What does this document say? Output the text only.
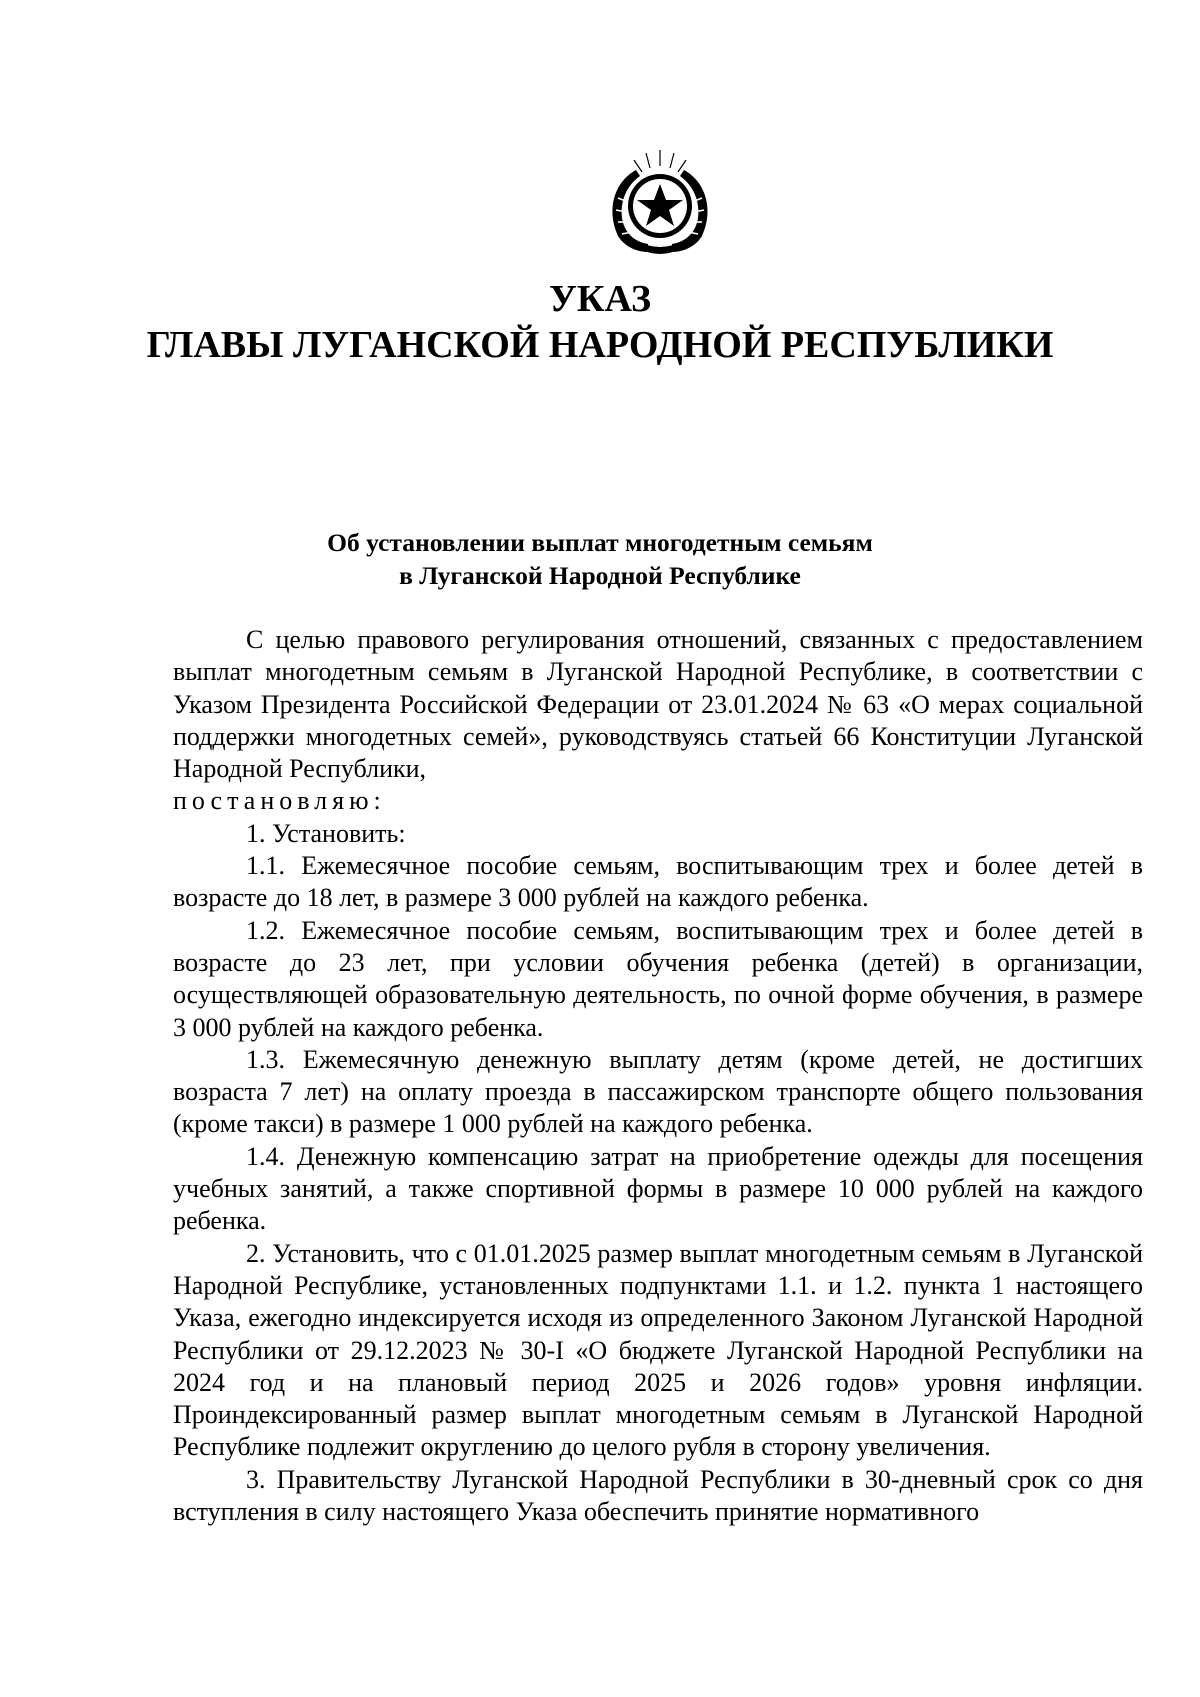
УКАЗ
ГЛАВЫ ЛУГАНСКОЙ НАРОДНОЙ РЕСПУБЛИКИ
Об установлении выплат многодетным семьям
в Луганской Народной Республике

С целью правового регулирования отношений, связанных с предоставлением выплат многодетным семьям в Луганской Народной Республике, в соответствии с Указом Президента Российской Федерации от 23.01.2024 № 63 «О мерах социальной поддержки многодетных семей», руководствуясь статьей 66 Конституции Луганской Народной Республики,

постановляю:

1. Установить:

1.1. Ежемесячное пособие семьям, воспитывающим трех и более детей в возрасте до 18 лет, в размере 3 000 рублей на каждого ребенка.

1.2. Ежемесячное пособие семьям, воспитывающим трех и более детей в возрасте до 23 лет, при условии обучения ребенка (детей) в организации, осуществляющей образовательную деятельность, по очной форме обучения, в размере 3 000 рублей на каждого ребенка.

1.3. Ежемесячную денежную выплату детям (кроме детей, не достигших возраста 7 лет) на оплату проезда в пассажирском транспорте общего пользования (кроме такси) в размере 1 000 рублей на каждого ребенка.

1.4. Денежную компенсацию затрат на приобретение одежды для посещения учебных занятий, а также спортивной формы в размере 10 000 рублей на каждого ребенка.

2. Установить, что с 01.01.2025 размер выплат многодетным семьям в Луганской Народной Республике, установленных подпунктами 1.1. и 1.2. пункта 1 настоящего Указа, ежегодно индексируется исходя из определенного Законом Луганской Народной Республики от 29.12.2023 № 30-I «О бюджете Луганской Народной Республики на 2024 год и на плановый период 2025 и 2026 годов» уровня инфляции. Проиндексированный размер выплат многодетным семьям в Луганской Народной Республике подлежит округлению до целого рубля в сторону увеличения.

3. Правительству Луганской Народной Республики в 30-дневный срок со дня вступления в силу настоящего Указа обеспечить принятие нормативного
